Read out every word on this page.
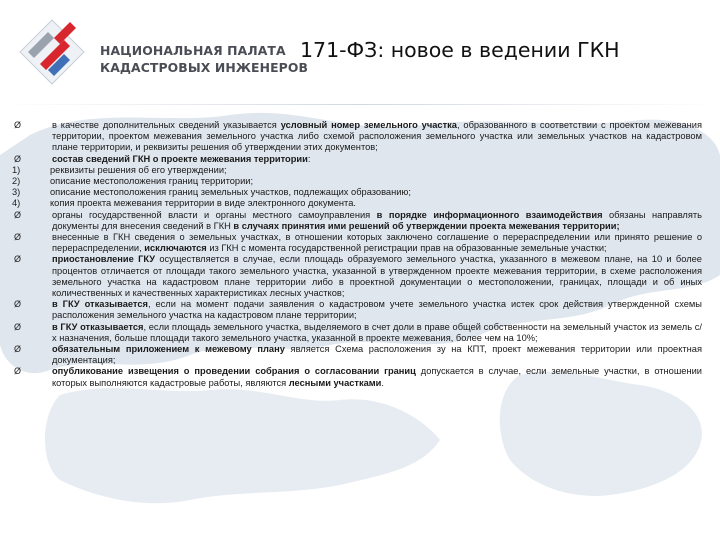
НАЦИОНАЛЬНАЯ ПАЛАТА
КАДАСТРОВЫХ ИНЖЕНЕРОВ
171-ФЗ: новое в ведении ГКН
Ø	в качестве дополнительных сведений указывается условный номер земельного участка, образованного в соответствии с проектом межевания территории, проектом межевания земельного участка либо схемой расположения земельного участка или земельных участков на кадастровом плане территории, и реквизиты решения об утверждении этих документов;
Ø	состав сведений ГКН о проекте межевания территории:
1)	реквизиты решения об его утверждении;
2)	описание местоположения границ территории;
3)	описание местоположения границ земельных участков, подлежащих образованию;
4)	копия проекта межевания территории в виде электронного документа.
Ø	органы государственной власти и органы местного самоуправления в порядке информационного взаимодействия обязаны направлять документы для внесения сведений в ГКН в случаях принятия ими решений об утверждении проекта межевания территории;
Ø	внесенные в ГКН сведения о земельных участках, в отношении которых заключено соглашение о перераспределении или принято решение о перераспределении, исключаются из ГКН с момента государственной регистрации прав на образованные земельные участки;
Ø	приостановление ГКУ осуществляется в случае, если площадь образуемого земельного участка, указанного в межевом плане, на 10 и более процентов отличается от площади такого земельного участка, указанной в утвержденном проекте межевания территории, в схеме расположения земельного участка на кадастровом плане территории либо в проектной документации о местоположении, границах, площади и об иных количественных и качественных характеристиках лесных участков;
Ø	в ГКУ отказывается, если на момент подачи заявления о кадастровом учете земельного участка истек срок действия утвержденной схемы расположения земельного участка на кадастровом плане территории;
Ø	в ГКУ отказывается, если площадь земельного участка, выделяемого в счет доли в праве общей собственности на земельный участок из земель с/х назначения, больше площади такого земельного участка, указанной в проекте межевания, более чем на 10%;
Ø	обязательным приложением к межевому плану является Схема расположения зу на КПТ, проект межевания территории или проектная документация;
Ø	опубликование извещения о проведении собрания о согласовании границ допускается в случае, если земельные участки, в отношении которых выполняются кадастровые работы, являются лесными участками.
